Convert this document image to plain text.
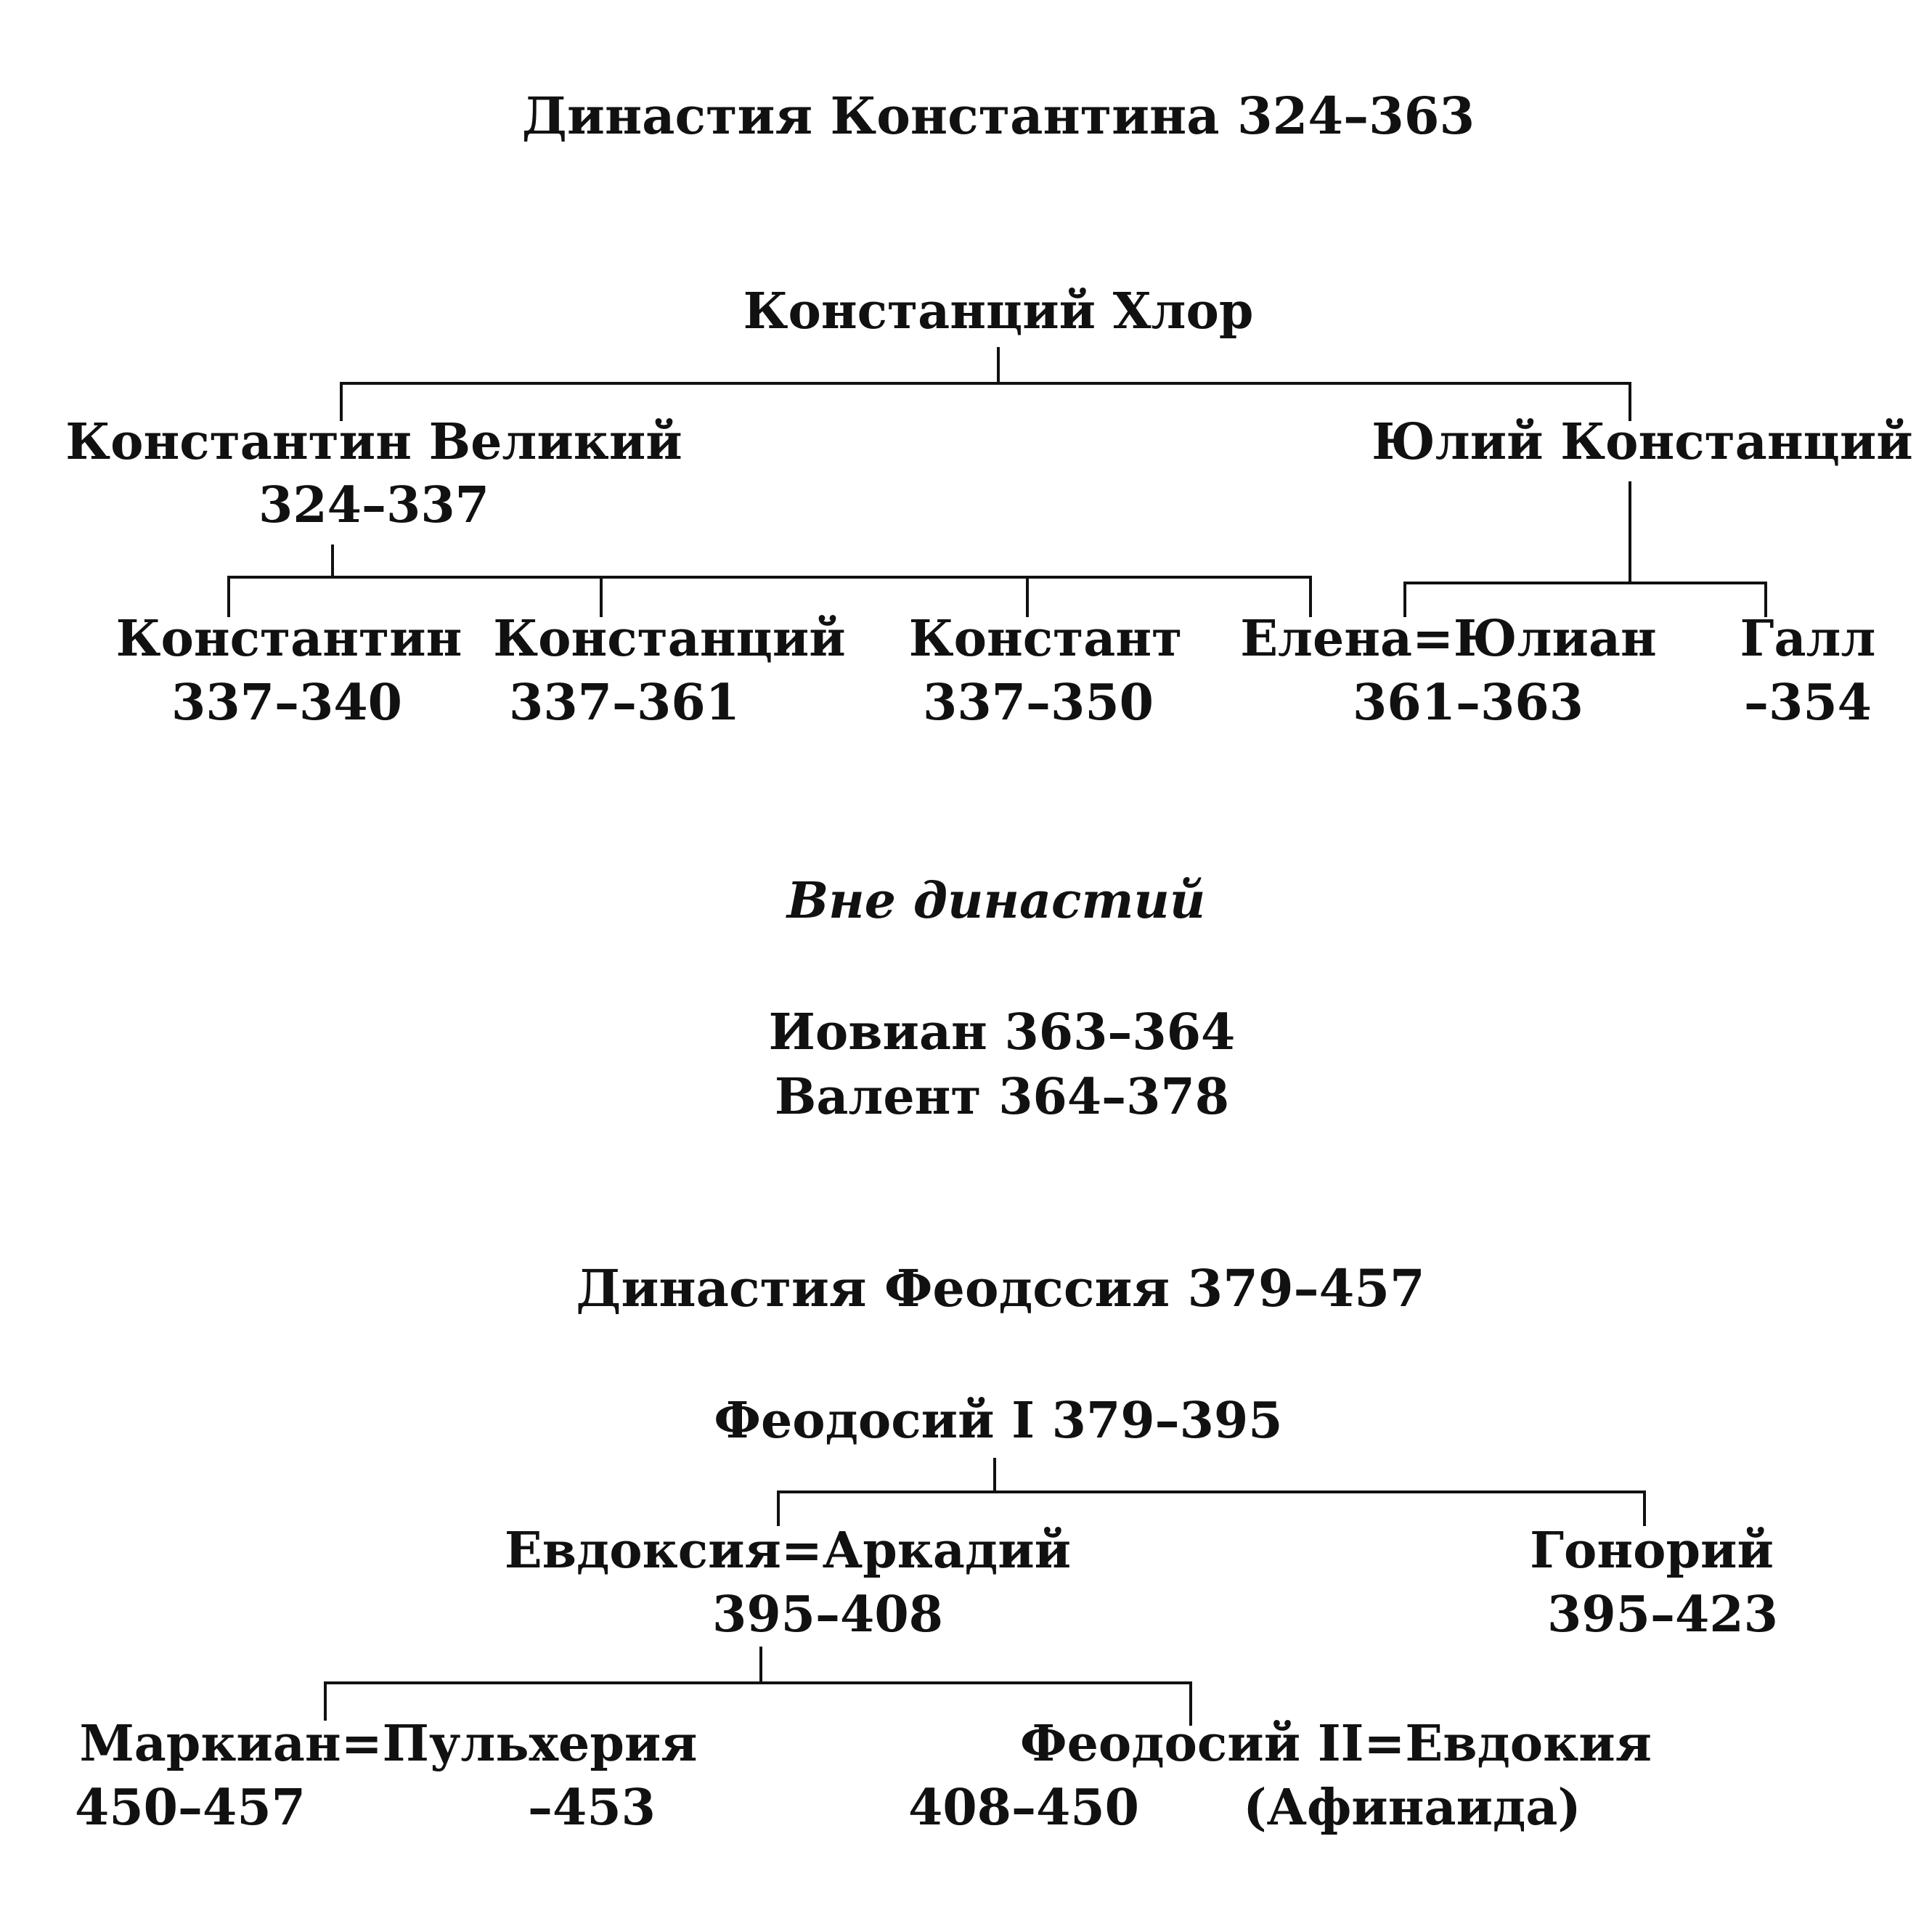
Династия Константина 324–363
Констанций Хлор
Константин Великий
324–337
Юлий Констанций
Константин
337–340
Констанций
337–361
Констант
337–350
Елена=Юлиан
361–363
Галл
–354
Вне династий
Иовиан 363–364
Валент 364–378
Династия Феодссия 379–457
Феодосий I 379–395
Евдоксия=Аркадий
395–408
Гонорий
395–423
Маркиан=Пульхерия
450–457	–453
Феодосий II=Евдокия
408–450 (Афинаида)
